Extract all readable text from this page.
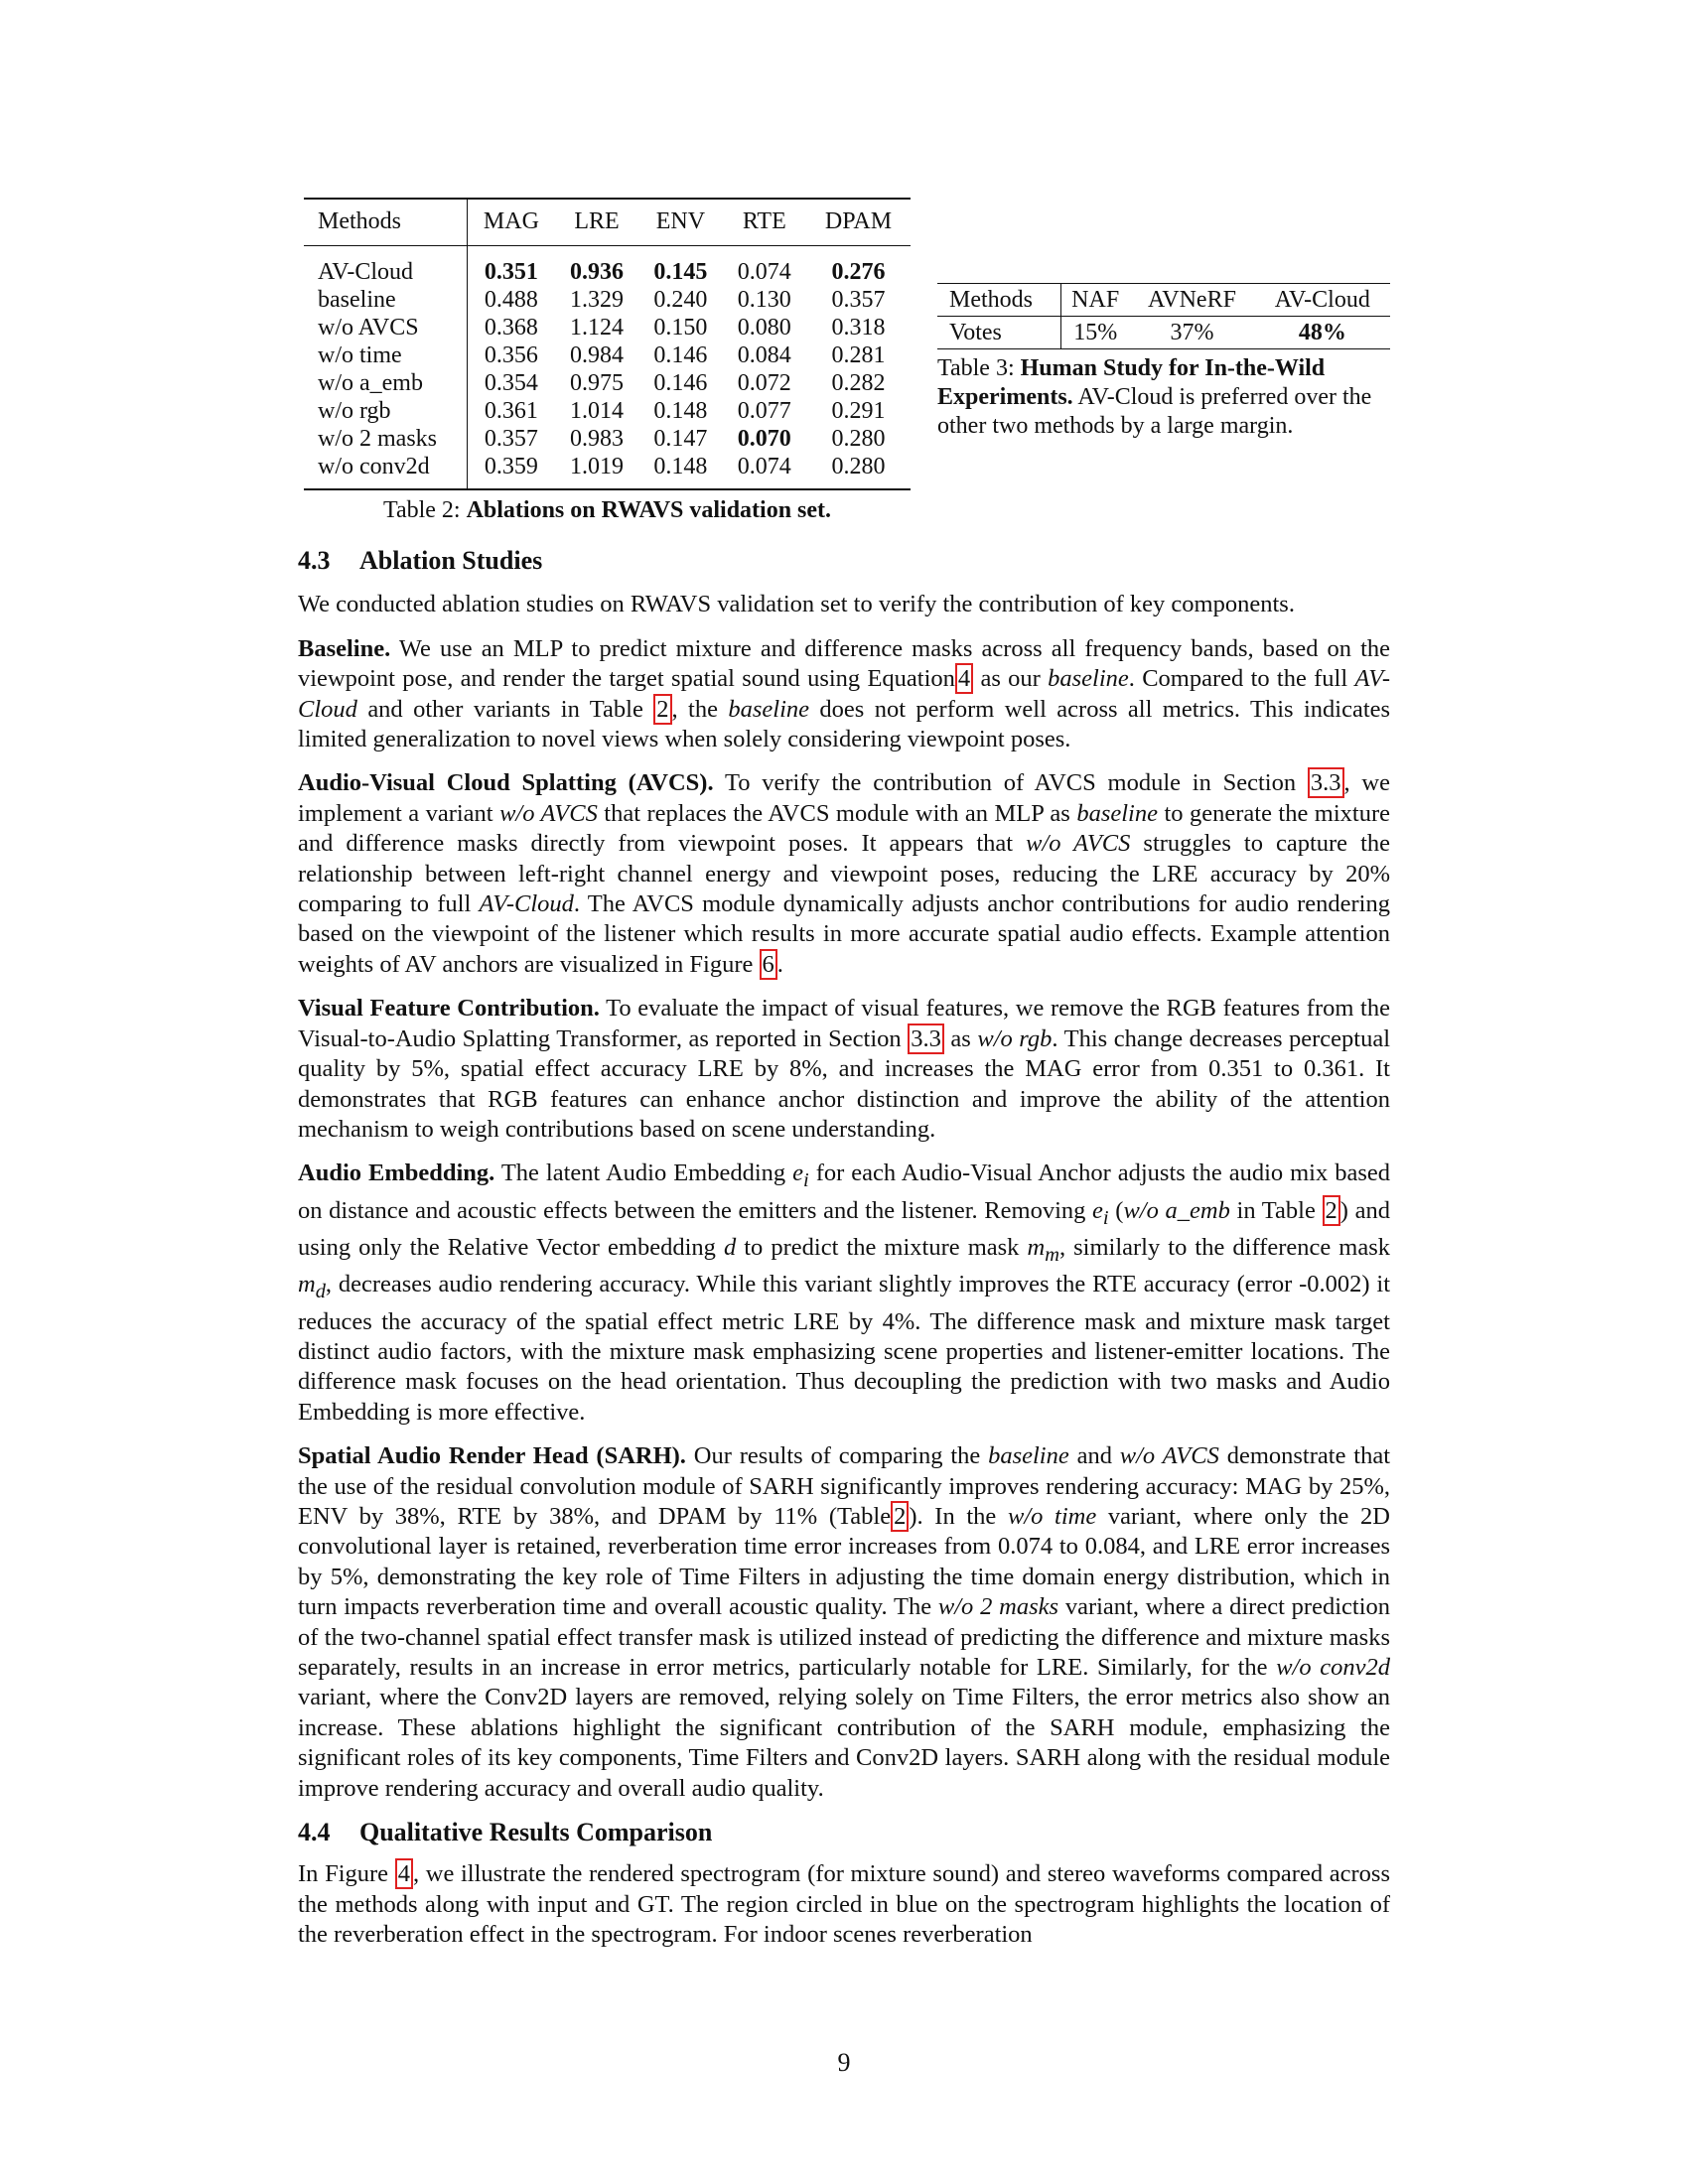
Methods	MAG	LRE	ENV	RTE	DPAM
AV-Cloud	0.351	0.936	0.145	0.074	0.276
baseline	0.488	1.329	0.240	0.130	0.357
w/o AVCS	0.368	1.124	0.150	0.080	0.318
w/o time	0.356	0.984	0.146	0.084	0.281
w/o a_emb	0.354	0.975	0.146	0.072	0.282
w/o rgb	0.361	1.014	0.148	0.077	0.291
w/o 2 masks	0.357	0.983	0.147	0.070	0.280
w/o conv2d	0.359	1.019	0.148	0.074	0.280
Table 2: Ablations on RWAVS validation set.
Methods	NAF	AVNeRF	AV-Cloud
Votes	15%	37%	48%
Table 3: Human Study for In-the-Wild Experiments. AV-Cloud is preferred over the other two methods by a large margin.
4.3 Ablation Studies

We conducted ablation studies on RWAVS validation set to verify the contribution of key components.

Baseline. We use an MLP to predict mixture and difference masks across all frequency bands, based on the viewpoint pose, and render the target spatial sound using Equation 4 as our baseline. Compared to the full AV-Cloud and other variants in Table 2 , the baseline does not perform well across all metrics. This indicates limited generalization to novel views when solely considering viewpoint poses.

Audio-Visual Cloud Splatting (AVCS). To verify the contribution of AVCS module in Section 3.3 , we implement a variant w/o AVCS that replaces the AVCS module with an MLP as baseline to generate the mixture and difference masks directly from viewpoint poses. It appears that w/o AVCS struggles to capture the relationship between left-right channel energy and viewpoint poses, reducing the LRE accuracy by 20% comparing to full AV-Cloud. The AVCS module dynamically adjusts anchor contributions for audio rendering based on the viewpoint of the listener which results in more accurate spatial audio effects. Example attention weights of AV anchors are visualized in Figure 6 .

Visual Feature Contribution. To evaluate the impact of visual features, we remove the RGB features from the Visual-to-Audio Splatting Transformer, as reported in Section 3.3 as w/o rgb. This change decreases perceptual quality by 5%, spatial effect accuracy LRE by 8%, and increases the MAG error from 0.351 to 0.361. It demonstrates that RGB features can enhance anchor distinction and improve the ability of the attention mechanism to weigh contributions based on scene understanding.

Audio Embedding. The latent Audio Embedding $e_i$ for each Audio-Visual Anchor adjusts the audio mix based on distance and acoustic effects between the emitters and the listener. Removing $e_i$ (w/o a_emb in Table 2 ) and using only the Relative Vector embedding d to predict the mixture mask $m_m$, similarly to the difference mask $m_d$, decreases audio rendering accuracy. While this variant slightly improves the RTE accuracy (error -0.002) it reduces the accuracy of the spatial effect metric LRE by 4%. The difference mask and mixture mask target distinct audio factors, with the mixture mask emphasizing scene properties and listener-emitter locations. The difference mask focuses on the head orientation. Thus decoupling the prediction with two masks and Audio Embedding is more effective.

Spatial Audio Render Head (SARH). Our results of comparing the baseline and w/o AVCS demonstrate that the use of the residual convolution module of SARH significantly improves rendering accuracy: MAG by 25%, ENV by 38%, RTE by 38%, and DPAM by 11% (Table 2 ). In the w/o time variant, where only the 2D convolutional layer is retained, reverberation time error increases from 0.074 to 0.084, and LRE error increases by 5%, demonstrating the key role of Time Filters in adjusting the time domain energy distribution, which in turn impacts reverberation time and overall acoustic quality. The w/o 2 masks variant, where a direct prediction of the two-channel spatial effect transfer mask is utilized instead of predicting the difference and mixture masks separately, results in an increase in error metrics, particularly notable for LRE. Similarly, for the w/o conv2d variant, where the Conv2D layers are removed, relying solely on Time Filters, the error metrics also show an increase. These ablations highlight the significant contribution of the SARH module, emphasizing the significant roles of its key components, Time Filters and Conv2D layers. SARH along with the residual module improve rendering accuracy and overall audio quality.

4.4 Qualitative Results Comparison

In Figure 4 , we illustrate the rendered spectrogram (for mixture sound) and stereo waveforms compared across the methods along with input and GT. The region circled in blue on the spectrogram highlights the location of the reverberation effect in the spectrogram. For indoor scenes reverberation

9
